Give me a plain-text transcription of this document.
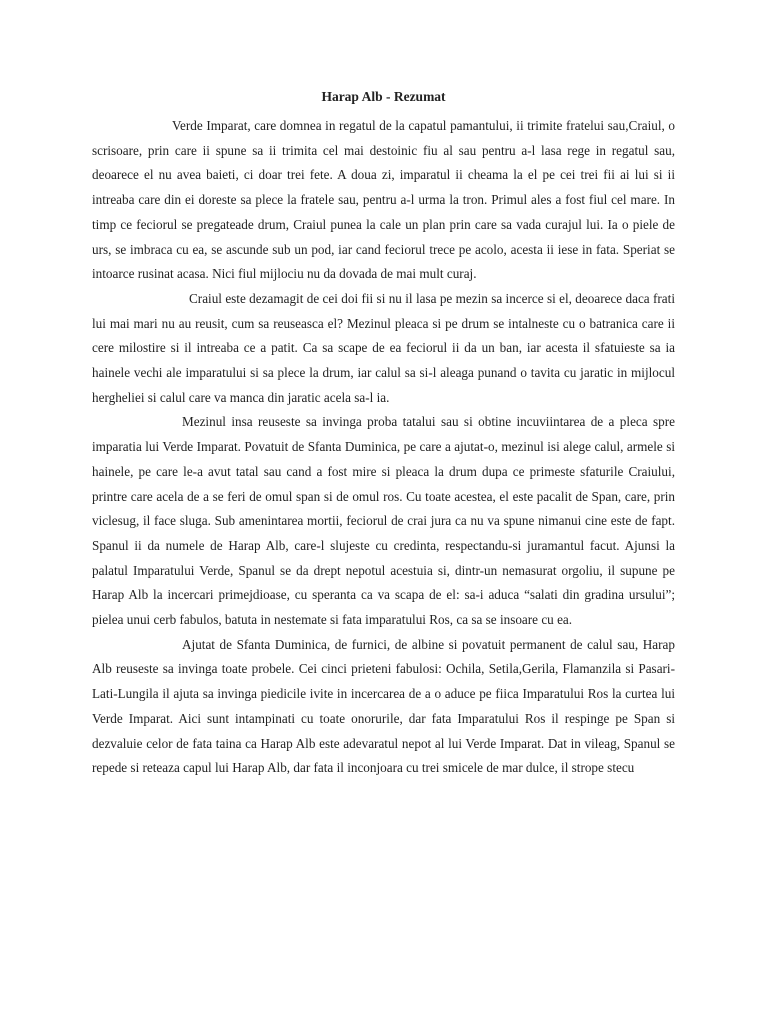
Harap Alb - Rezumat

Verde Imparat, care domnea in regatul de la capatul pamantului, ii trimite fratelui sau,Craiul, o scrisoare, prin care ii spune sa ii trimita cel mai destoinic fiu al sau pentru a-l lasa rege in regatul sau, deoarece el nu avea baieti, ci doar trei fete. A doua zi, imparatul ii cheama la el pe cei trei fii ai lui si ii intreaba care din ei doreste sa plece la fratele sau, pentru a-l urma la tron. Primul ales a fost fiul cel mare. In timp ce feciorul se pregateade drum, Craiul punea la cale un plan prin care sa vada curajul lui. Ia o piele de urs, se imbraca cu ea, se ascunde sub un pod, iar cand feciorul trece pe acolo, acesta ii iese in fata. Speriat se intoarce rusinat acasa. Nici fiul mijlociu nu da dovada de mai mult curaj.

Craiul este dezamagit de cei doi fii si nu il lasa pe mezin sa incerce si el, deoarece daca frati lui mai mari nu au reusit, cum sa reuseasca el? Mezinul pleaca si pe drum se intalneste cu o batranica care ii cere milostire si il intreaba ce a patit. Ca sa scape de ea feciorul ii da un ban, iar acesta il sfatuieste sa ia hainele vechi ale imparatului si sa plece la drum, iar calul sa si-l aleaga punand o tavita cu jaratic in mijlocul hergheliei si calul care va manca din jaratic acela sa-l ia.

Mezinul insa reuseste sa invinga proba tatalui sau si obtine incuviintarea de a pleca spre imparatia lui Verde Imparat. Povatuit de Sfanta Duminica, pe care a ajutat-o, mezinul isi alege calul, armele si hainele, pe care le-a avut tatal sau cand a fost mire si pleaca la drum dupa ce primeste sfaturile Craiului, printre care acela de a se feri de omul span si de omul ros. Cu toate acestea, el este pacalit de Span, care, prin viclesug, il face sluga. Sub amenintarea mortii, feciorul de crai jura ca nu va spune nimanui cine este de fapt. Spanul ii da numele de Harap Alb, care-l slujeste cu credinta, respectandu-si juramantul facut. Ajunsi la palatul Imparatului Verde, Spanul se da drept nepotul acestuia si, dintr-un nemasurat orgoliu, il supune pe Harap Alb la incercari primejdioase, cu speranta ca va scapa de el: sa-i aduca “salati din gradina ursului”; pielea unui cerb fabulos, batuta in nestemate si fata imparatului Ros, ca sa se insoare cu ea.

Ajutat de Sfanta Duminica, de furnici, de albine si povatuit permanent de calul sau, Harap Alb reuseste sa invinga toate probele. Cei cinci prieteni fabulosi: Ochila, Setila,Gerila, Flamanzila si Pasari-Lati-Lungila il ajuta sa invinga piedicile ivite in incercarea de a o aduce pe fiica Imparatului Ros la curtea lui Verde Imparat. Aici sunt intampinati cu toate onorurile, dar fata Imparatului Ros il respinge pe Span si dezvaluie celor de fata taina ca Harap Alb este adevaratul nepot al lui Verde Imparat. Dat in vileag, Spanul se repede si reteaza capul lui Harap Alb, dar fata il inconjoara cu trei smicele de mar dulce, il strope stecu
